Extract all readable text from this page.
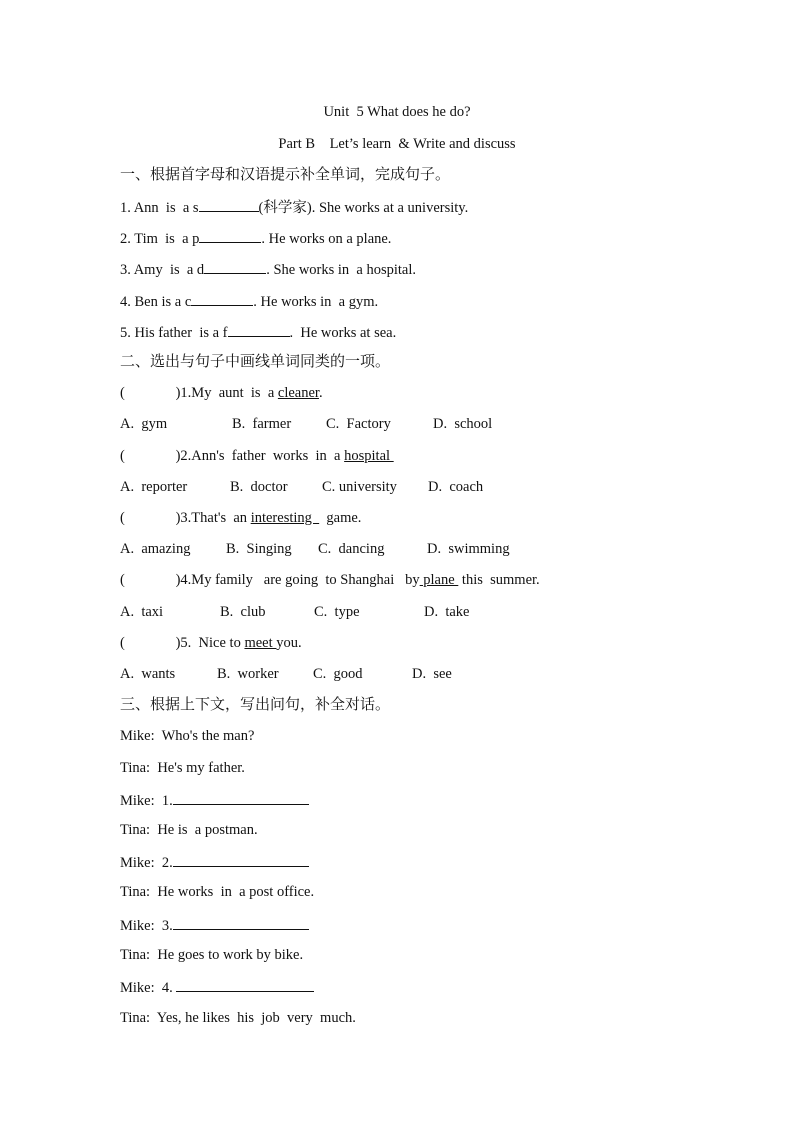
Unit  5 What does he do?
Part B    Let’s learn  & Write and discuss
一、根据首字母和汉语提示补全单词，完成句子。
1. Ann  is  a s	(科学家). She works at a university.
2. Tim  is  a p	. He works on a plane.
3. Amy  is  a d	. She works in  a hospital.
4. Ben is a c	. He works in  a gym.
5. His father  is a f	.  He works at sea.
二、选出与句子中画线单词同类的一项。
(              )1.My  aunt  is  a cleaner.
A.  gym	B.  farmer C.  Factory	D.  school
(              )2.Ann's  father  works  in  a hospital
A.  reporter	B.  doctor C. university D.  coach
(              )3.That's  an interesting    game.
A.  amazing B.  Singing C.  dancing	D.  swimming
(              )4.My family   are going  to Shanghai   by plane  this  summer.
A.  taxi	B.  club	C.  type	D.  take
(              )5.  Nice to meet you.
A.  wants	B.  worker C.  good	D.  see
三、根据上下文，写出问句，补全对话。
Mike:  Who's the man?
Tina:  He's my father.
Mike:  1.
Tina:  He is  a postman.
Mike:  2.
Tina:  He works  in  a post office.
Mike:  3.
Tina:  He goes to work by bike.
Mike:  4.
Tina:  Yes, he likes  his  job  very  much.
